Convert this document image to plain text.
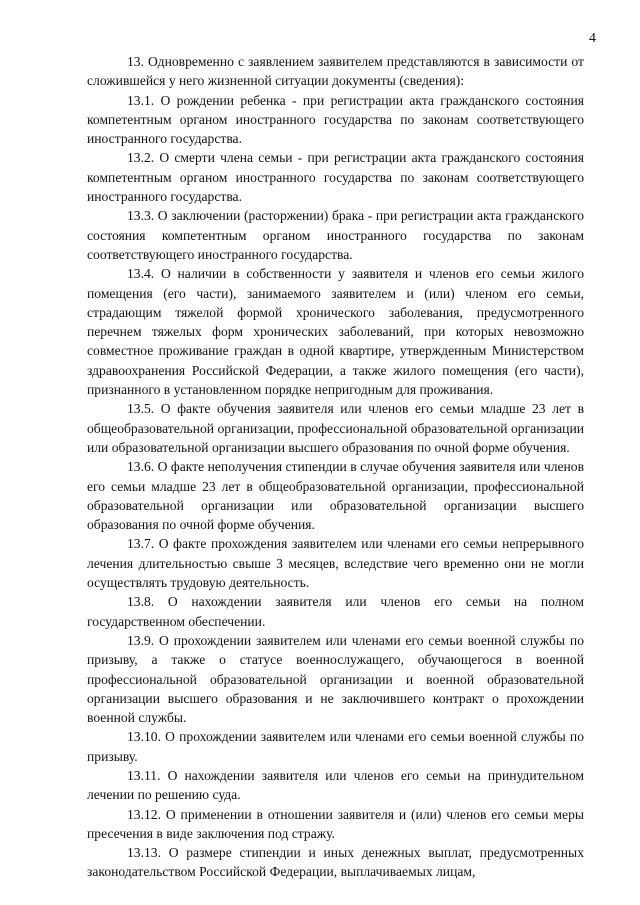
4

13. Одновременно с заявлением заявителем представляются в зависимости от сложившейся у него жизненной ситуации документы (сведения):

13.1. О рождении ребенка - при регистрации акта гражданского состояния компетентным органом иностранного государства по законам соответствующего иностранного государства.

13.2. О смерти члена семьи - при регистрации акта гражданского состояния компетентным органом иностранного государства по законам соответствующего иностранного государства.

13.3. О заключении (расторжении) брака - при регистрации акта гражданского состояния компетентным органом иностранного государства по законам соответствующего иностранного государства.

13.4. О наличии в собственности у заявителя и членов его семьи жилого помещения (его части), занимаемого заявителем и (или) членом его семьи, страдающим тяжелой формой хронического заболевания, предусмотренного перечнем тяжелых форм хронических заболеваний, при которых невозможно совместное проживание граждан в одной квартире, утвержденным Министерством здравоохранения Российской Федерации, а также жилого помещения (его части), признанного в установленном порядке непригодным для проживания.

13.5. О факте обучения заявителя или членов его семьи младше 23 лет в общеобразовательной организации, профессиональной образовательной организации или образовательной организации высшего образования по очной форме обучения.

13.6. О факте неполучения стипендии в случае обучения заявителя или членов его семьи младше 23 лет в общеобразовательной организации, профессиональной образовательной организации или образовательной организации высшего образования по очной форме обучения.

13.7. О факте прохождения заявителем или членами его семьи непрерывного лечения длительностью свыше 3 месяцев, вследствие чего временно они не могли осуществлять трудовую деятельность.

13.8. О нахождении заявителя или членов его семьи на полном государственном обеспечении.

13.9. О прохождении заявителем или членами его семьи военной службы по призыву, а также о статусе военнослужащего, обучающегося в военной профессиональной образовательной организации и военной образовательной организации высшего образования и не заключившего контракт о прохождении военной службы.

13.10. О прохождении заявителем или членами его семьи военной службы по призыву.

13.11. О нахождении заявителя или членов его семьи на принудительном лечении по решению суда.

13.12. О применении в отношении заявителя и (или) членов его семьи меры пресечения в виде заключения под стражу.

13.13. О размере стипендии и иных денежных выплат, предусмотренных законодательством Российской Федерации, выплачиваемых лицам,
